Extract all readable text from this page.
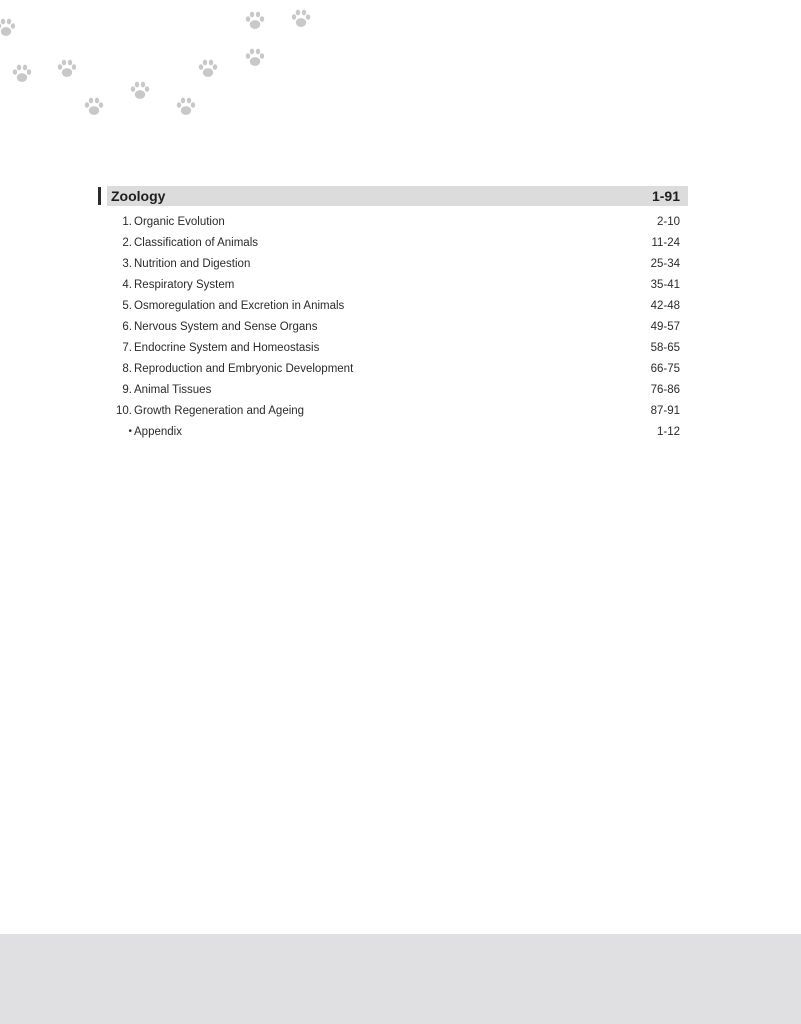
Zoology	1-91
1. Organic Evolution	2-10
2. Classification of Animals	11-24
3. Nutrition and Digestion	25-34
4. Respiratory System	35-41
5. Osmoregulation and Excretion in Animals	42-48
6. Nervous System and Sense Organs	49-57
7. Endocrine System and Homeostasis	58-65
8. Reproduction and Embryonic Development	66-75
9. Animal Tissues	76-86
10. Growth Regeneration and Ageing	87-91
• Appendix	1-12
